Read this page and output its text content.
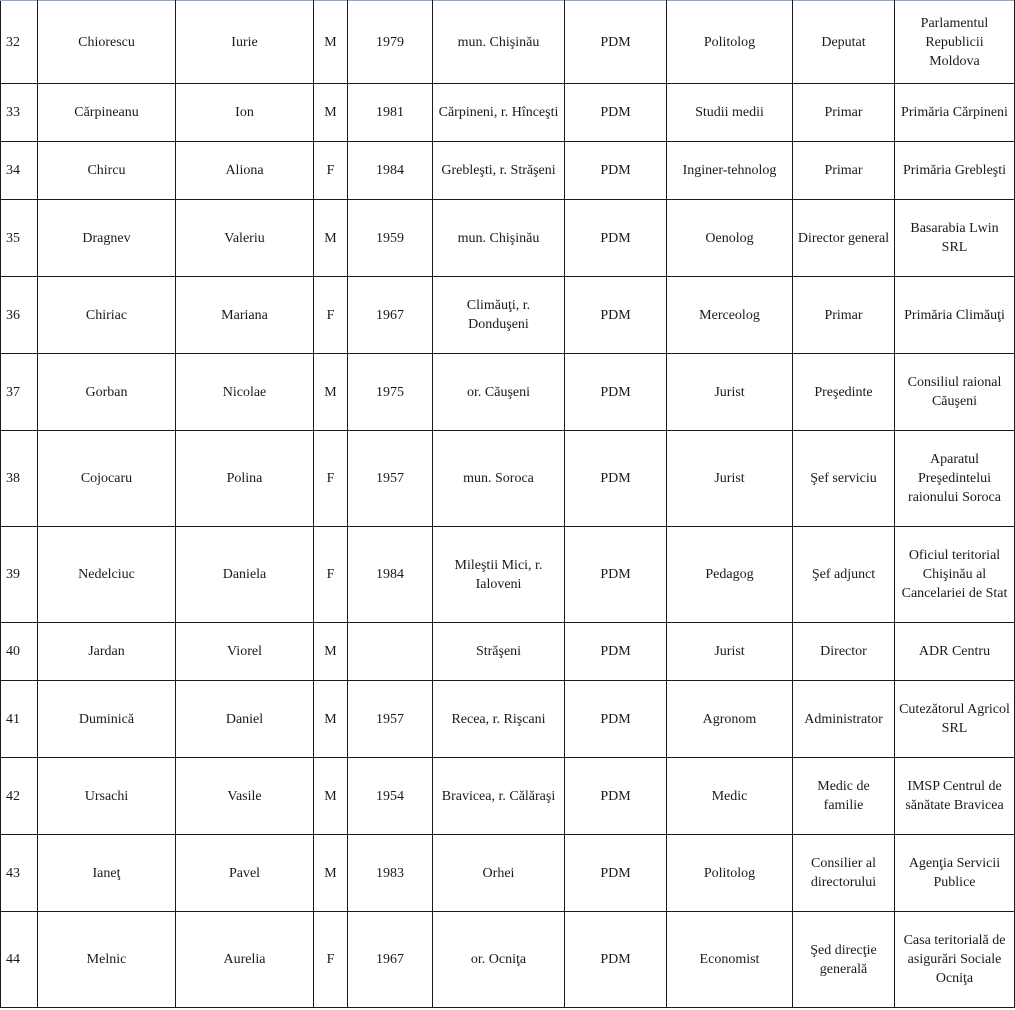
32	Chiorescu	Iurie	M	1979	mun. Chişinău	PDM	Politolog	Deputat	Parlamentul Republicii Moldova
33	Cărpineanu	Ion	M	1981	Cărpineni, r. Hînceşti	PDM	Studii medii	Primar	Primăria Cărpineni
34	Chircu	Aliona	F	1984	Greblеşti, r. Străşeni	PDM	Inginer-tehnolog	Primar	Primăria Grebleşti
35	Dragnev	Valeriu	M	1959	mun. Chişinău	PDM	Oenolog	Director general	Basarabia Lwin SRL
36	Chiriac	Mariana	F	1967	Climăuţi, r. Donduşeni	PDM	Merceolog	Primar	Primăria Climăuţi
37	Gorban	Nicolae	M	1975	or. Căuşeni	PDM	Jurist	Preşedinte	Consiliul raional Căuşeni
38	Cojocaru	Polina	F	1957	mun. Soroca	PDM	Jurist	Şef serviciu	Aparatul Preşedintelui raionului Soroca
39	Nedelciuc	Daniela	F	1984	Mileştii Mici, r. Ialoveni	PDM	Pedagog	Şef adjunct	Oficiul teritorial Chişinău al Cancelariei de Stat
40	Jardan	Viorel	M		Străşeni	PDM	Jurist	Director	ADR Centru
41	Duminică	Daniel	M	1957	Recea, r. Rişcani	PDM	Agronom	Administrator	Cutezătorul Agricol SRL
42	Ursachi	Vasile	M	1954	Bravicea, r. Călăraşi	PDM	Medic	Medic de familie	IMSP Centrul de sănătate Bravicea
43	Ianeţ	Pavel	M	1983	Orhei	PDM	Politolog	Consilier al directorului	Agenţia Servicii Publice
44	Melnic	Aurelia	F	1967	or. Ocniţa	PDM	Economist	Şed direcţie generală	Casa teritorială de asigurări Sociale Ocniţa
